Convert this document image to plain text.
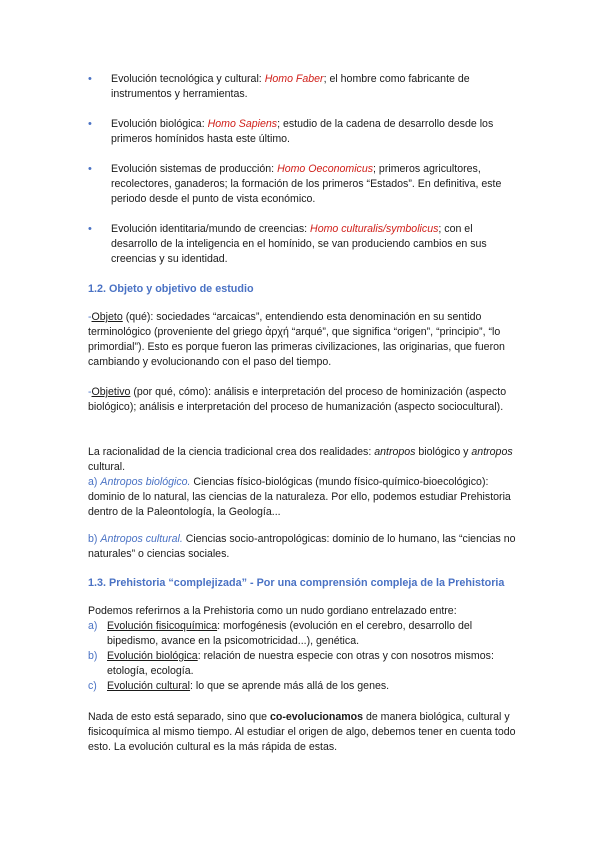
• Evolución tecnológica y cultural: Homo Faber; el hombre como fabricante de instrumentos y herramientas.
• Evolución biológica: Homo Sapiens; estudio de la cadena de desarrollo desde los primeros homínidos hasta este último.
• Evolución sistemas de producción: Homo Oeconomicus; primeros agricultores, recolectores, ganaderos; la formación de los primeros “Estados”. En definitiva, este periodo desde el punto de vista económico.
• Evolución identitaria/mundo de creencias: Homo culturalis/symbolicus; con el desarrollo de la inteligencia en el homínido, se van produciendo cambios en sus creencias y su identidad.
1.2. Objeto y objetivo de estudio
-Objeto (qué): sociedades “arcaicas”, entendiendo esta denominación en su sentido terminológico (proveniente del griego ἀρχή “arqué”, que significa “origen”, “principio”, “lo primordial”). Esto es porque fueron las primeras civilizaciones, las originarias, que fueron cambiando y evolucionando con el paso del tiempo.
-Objetivo (por qué, cómo): análisis e interpretación del proceso de hominización (aspecto biológico); análisis e interpretación del proceso de humanización (aspecto sociocultural).
La racionalidad de la ciencia tradicional crea dos realidades: antropos biológico y antropos cultural.
a) Antropos biológico. Ciencias físico-biológicas (mundo físico-químico-bioecológico): dominio de lo natural, las ciencias de la naturaleza. Por ello, podemos estudiar Prehistoria dentro de la Paleontología, la Geología...
b) Antropos cultural. Ciencias socio-antropológicas: dominio de lo humano, las “ciencias no naturales” o ciencias sociales.
1.3. Prehistoria “complejizada” - Por una comprensión compleja de la Prehistoria
Podemos referirnos a la Prehistoria como un nudo gordiano entrelazado entre:
a) Evolución fisicoquímica: morfogénesis (evolución en el cerebro, desarrollo del bipedismo, avance en la psicomotricidad...), genética.
b) Evolución biológica: relación de nuestra especie con otras y con nosotros mismos: etología, ecología.
c) Evolución cultural: lo que se aprende más allá de los genes.
Nada de esto está separado, sino que co-evolucionamos de manera biológica, cultural y fisicoquímica al mismo tiempo. Al estudiar el origen de algo, debemos tener en cuenta todo esto. La evolución cultural es la más rápida de estas.
